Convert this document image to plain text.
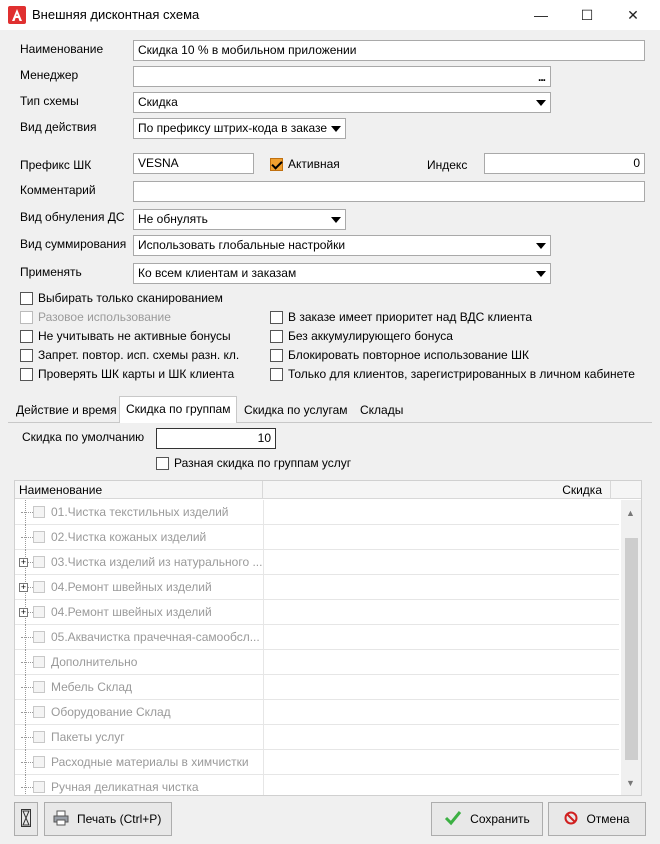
Внешняя дисконтная схема	— ☐ ✕
Наименование	Скидка 10 % в мобильном приложении
Менеджер	...
Тип схемы	Скидка
Вид действия	По префиксу штрих-кода в заказе
Префикс ШК	VESNA	Активная	Индекс	0
Комментарий
Вид обнуления ДС	Не обнулять
Вид суммирования Использовать глобальные настройки
Применять	Ко всем клиентам и заказам
Выбирать только сканированием
Разовое использование
Не учитывать не активные бонусы
Запрет. повтор. исп. схемы разн. кл.
Проверять ШК карты и ШК клиента
В заказе имеет приоритет над ВДС клиента
Без аккумулирующего бонуса
Блокировать повторное использование ШК
Только для клиентов, зарегистрированных в личном кабинете
Действие и время Скидка по группам	Скидка по услугам	Склады
Скидка по умолчанию	10
Разная скидка по группам услуг
Наименование	Скидка
01.Чистка текстильных изделий
02.Чистка кожаных изделий
+ 03.Чистка изделий из натурального ...
+ 04.Ремонт швейных изделий
+ 04.Ремонт швейных изделий
05.Аквачистка прачечная-самообсл...
Дополнительно
Мебель Склад
Оборудование Склад
Пакеты услуг
Расходные материалы в химчистки
Ручная деликатная чистка
▲
▼
Печать (Ctrl+P)	Сохранить	Отмена
